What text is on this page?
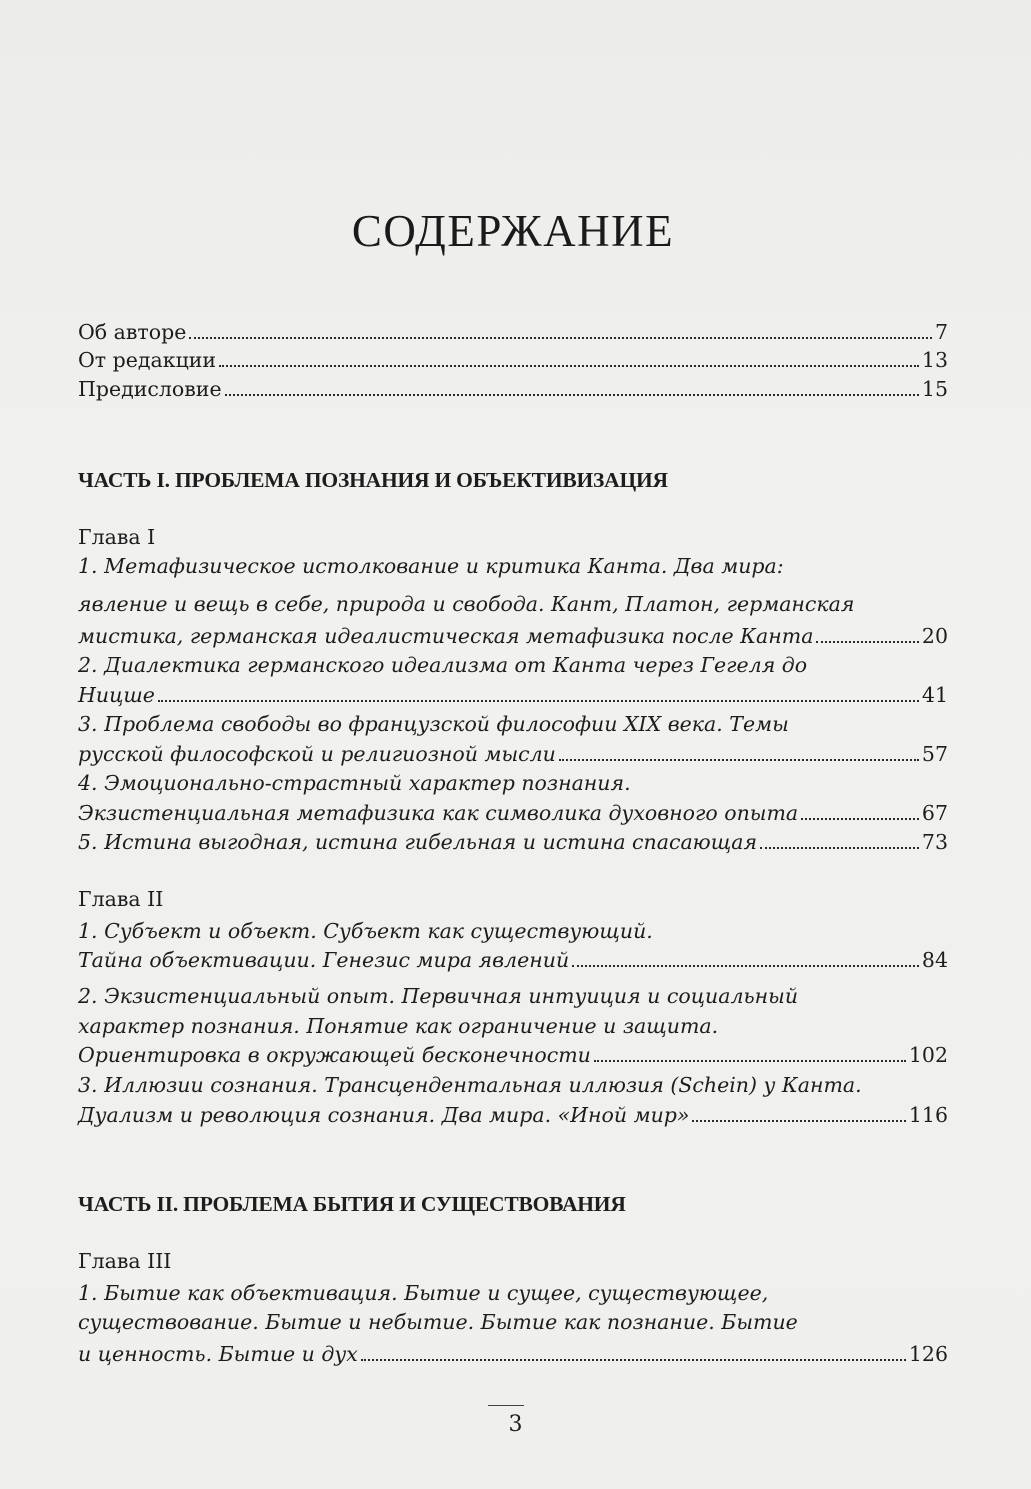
СОДЕРЖАНИЕ
Об авторе	7
От редакции	13
Предисловие	15
ЧАСТЬ I. ПРОБЛЕМА ПОЗНАНИЯ И ОБЪЕКТИВИЗАЦИЯ
Глава I
1. Метафизическое истолкование и критика Канта. Два мира:
явление и вещь в себе, природа и свобода. Кант, Платон, германская
мистика, германская идеалистическая метафизика после Канта	20
2. Диалектика германского идеализма от Канта через Гегеля до
Ницше	41
3. Проблема свободы во французской философии XIX века. Темы
русской философской и религиозной мысли	57
4. Эмоционально-страстный характер познания.
Экзистенциальная метафизика как символика духовного опыта	67
5. Истина выгодная, истина гибельная и истина спасающая	73
Глава II
1. Субъект и объект. Субъект как существующий.
Тайна объективации. Генезис мира явлений	84
2. Экзистенциальный опыт. Первичная интуиция и социальный
характер познания. Понятие как ограничение и защита.
Ориентировка в окружающей бесконечности	102
3. Иллюзии сознания. Трансцендентальная иллюзия (Schein) у Канта.
Дуализм и революция сознания. Два мира. «Иной мир»	116
ЧАСТЬ II. ПРОБЛЕМА БЫТИЯ И СУЩЕСТВОВАНИЯ
Глава III
1. Бытие как объективация. Бытие и сущее, существующее,
существование. Бытие и небытие. Бытие как познание. Бытие
и ценность. Бытие и дух	126
3
